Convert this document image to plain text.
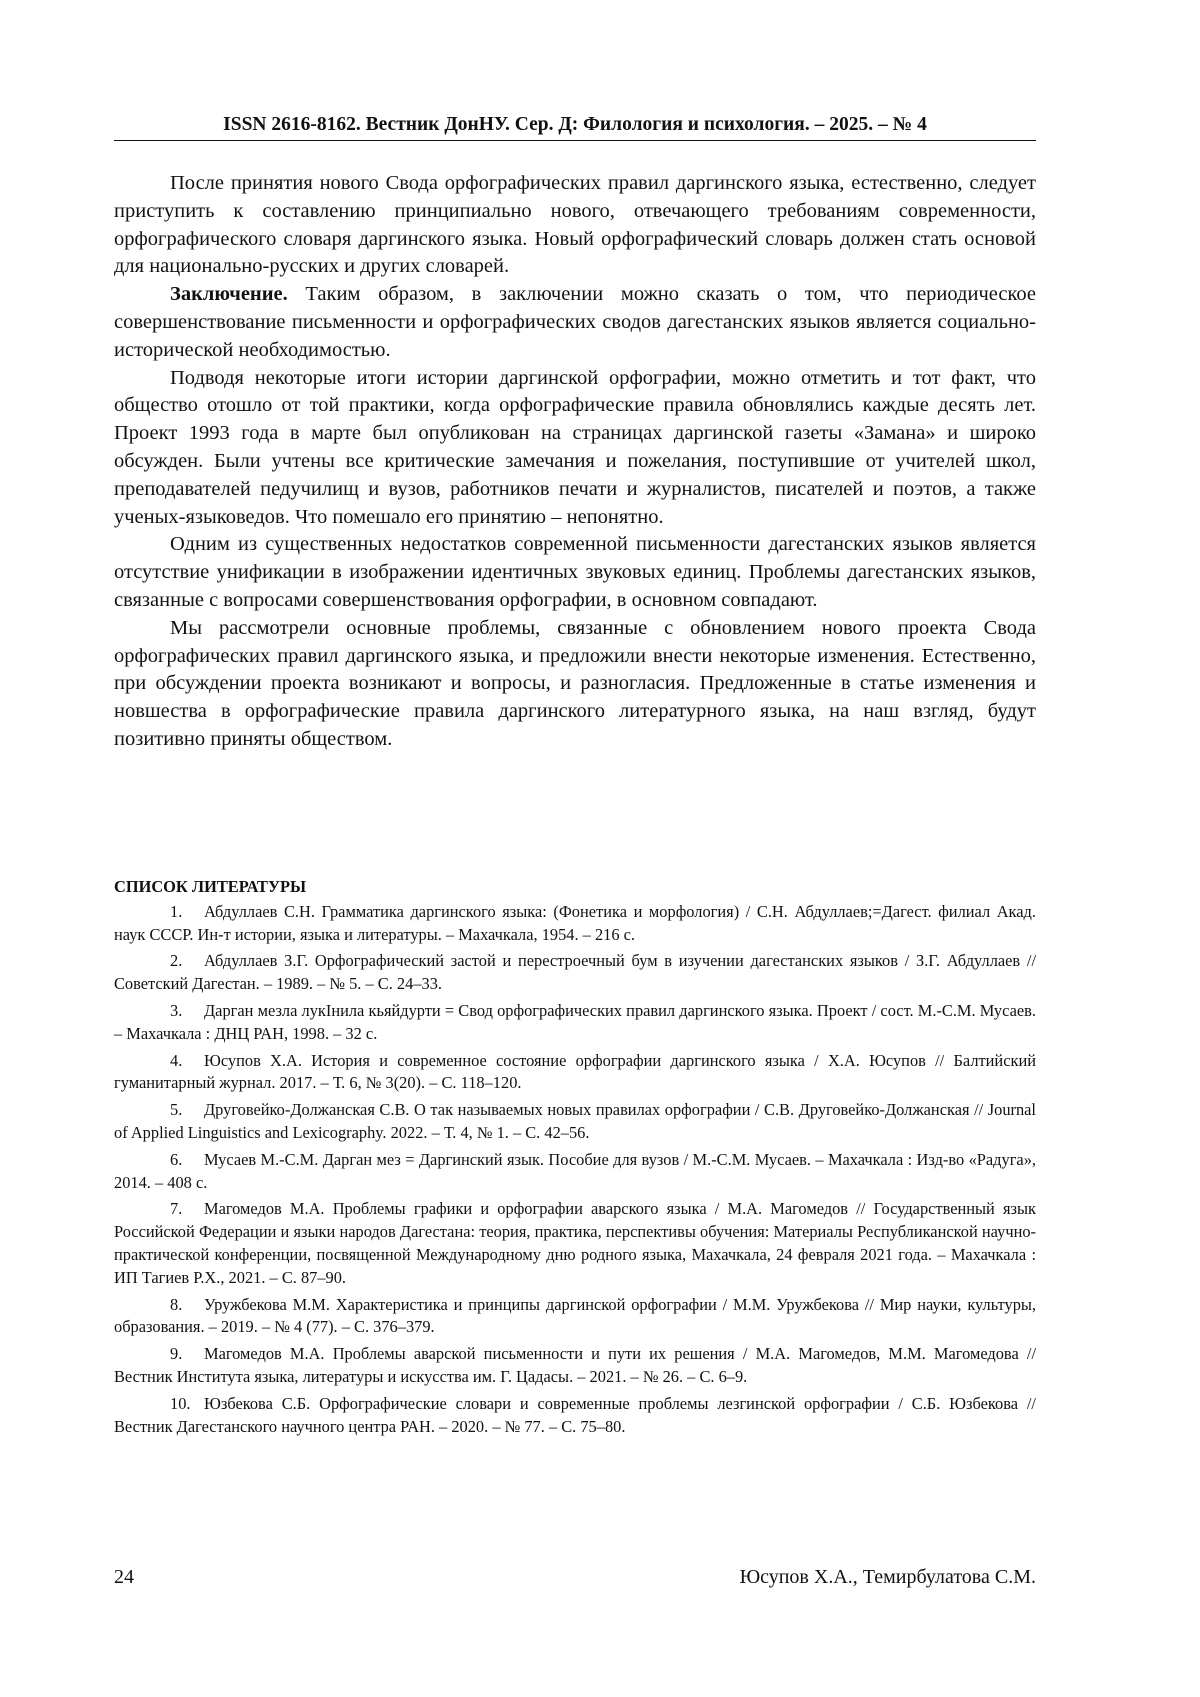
ISSN 2616-8162. Вестник ДонНУ. Сер. Д: Филология и психология. – 2025. – № 4

После принятия нового Свода орфографических правил даргинского языка, естественно, следует приступить к составлению принципиально нового, отвечающего требованиям современности, орфографического словаря даргинского языка. Новый орфографический словарь должен стать основой для национально-русских и других словарей.

Заключение. Таким образом, в заключении можно сказать о том, что периодическое совершенствование письменности и орфографических сводов дагестанских языков является социально-исторической необходимостью.

Подводя некоторые итоги истории даргинской орфографии, можно отметить и тот факт, что общество отошло от той практики, когда орфографические правила обновлялись каждые десять лет. Проект 1993 года в марте был опубликован на страницах даргинской газеты «Замана» и широко обсужден. Были учтены все критические замечания и пожелания, поступившие от учителей школ, преподавателей педучилищ и вузов, работников печати и журналистов, писателей и поэтов, а также ученых-языковедов. Что помешало его принятию – непонятно.

Одним из существенных недостатков современной письменности дагестанских языков является отсутствие унификации в изображении идентичных звуковых единиц. Проблемы дагестанских языков, связанные с вопросами совершенствования орфографии, в основном совпадают.

Мы рассмотрели основные проблемы, связанные с обновлением нового проекта Свода орфографических правил даргинского языка, и предложили внести некоторые изменения. Естественно, при обсуждении проекта возникают и вопросы, и разногласия. Предложенные в статье изменения и новшества в орфографические правила даргинского литературного языка, на наш взгляд, будут позитивно приняты обществом.

СПИСОК ЛИТЕРАТУРЫ
1. Абдуллаев С.Н. Грамматика даргинского языка: (Фонетика и морфология) / С.Н. Абдуллаев;=Дагест. филиал Акад. наук СССР. Ин-т истории, языка и литературы. – Махачкала, 1954. – 216 с.
2. Абдуллаев З.Г. Орфографический застой и перестроечный бум в изучении дагестанских языков / З.Г. Абдуллаев // Советский Дагестан. – 1989. – № 5. – С. 24–33.
3. Дарган мезла лукIнила кьяйдурти = Свод орфографических правил даргинского языка. Проект / сост. М.-С.М. Мусаев. – Махачкала : ДНЦ РАН, 1998. – 32 с.
4. Юсупов Х.А. История и современное состояние орфографии даргинского языка / Х.А. Юсупов // Балтийский гуманитарный журнал. 2017. – Т. 6, № 3(20). – С. 118–120.
5. Друговейко-Должанская С.В. О так называемых новых правилах орфографии / С.В. Друговейко-Должанская // Journal of Applied Linguistics and Lexicography. 2022. – Т. 4, № 1. – С. 42–56.
6. Мусаев М.-С.М. Дарган мез = Даргинский язык. Пособие для вузов / М.-С.М. Мусаев. – Махачкала : Изд-во «Радуга», 2014. – 408 с.
7. Магомедов М.А. Проблемы графики и орфографии аварского языка / М.А. Магомедов // Государственный язык Российской Федерации и языки народов Дагестана: теория, практика, перспективы обучения: Материалы Республиканской научно-практической конференции, посвященной Международному дню родного языка, Махачкала, 24 февраля 2021 года. – Махачкала : ИП Тагиев Р.Х., 2021. – С. 87–90.
8. Уружбекова М.М. Характеристика и принципы даргинской орфографии / М.М. Уружбекова // Мир науки, культуры, образования. – 2019. – № 4 (77). – С. 376–379.
9. Магомедов М.А. Проблемы аварской письменности и пути их решения / М.А. Магомедов, М.М. Магомедова // Вестник Института языка, литературы и искусства им. Г. Цадасы. – 2021. – № 26. – С. 6–9.
10. Юзбекова С.Б. Орфографические словари и современные проблемы лезгинской орфографии / С.Б. Юзбекова // Вестник Дагестанского научного центра РАН. – 2020. – № 77. – С. 75–80.
24	Юсупов Х.А., Темирбулатова С.М.
